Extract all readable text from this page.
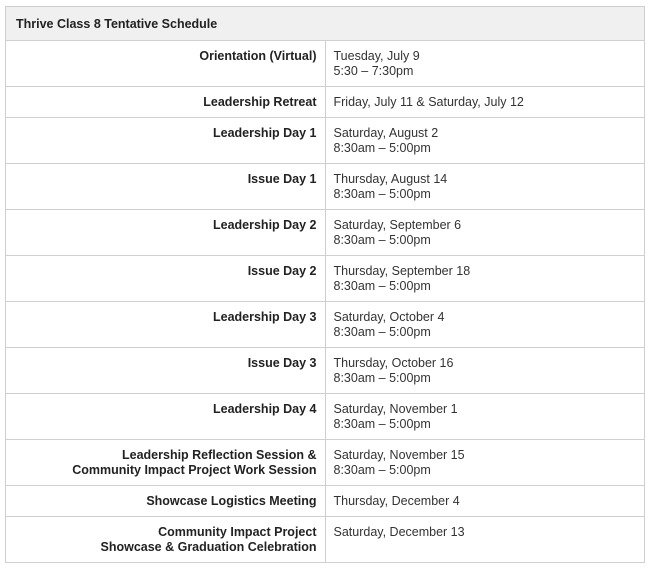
Thrive Class 8 Tentative Schedule	

Orientation (Virtual)	Tuesday, July 9
5:30 – 7:30pm

Leadership Retreat	Friday, July 11 & Saturday, July 12

Leadership Day 1	Saturday, August 2
8:30am – 5:00pm

Issue Day 1	Thursday, August 14
8:30am – 5:00pm

Leadership Day 2	Saturday, September 6
8:30am – 5:00pm

Issue Day 2	Thursday, September 18
8:30am – 5:00pm

Leadership Day 3	Saturday, October 4
8:30am – 5:00pm

Issue Day 3	Thursday, October 16
8:30am – 5:00pm

Leadership Day 4	Saturday, November 1
8:30am – 5:00pm

Leadership Reflection Session &
Community Impact Project Work Session	Saturday, November 15
8:30am – 5:00pm

Showcase Logistics Meeting	Thursday, December 4

Community Impact Project
Showcase & Graduation Celebration	Saturday, December 13
